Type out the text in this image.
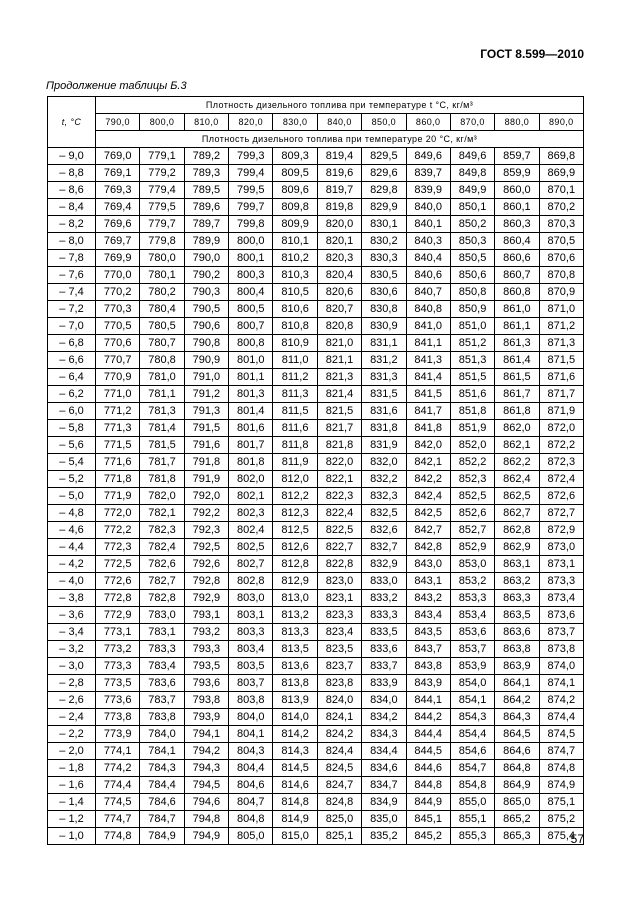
ГОСТ 8.599—2010
Продолжение таблицы Б.3
t, °C	Плотность дизельного топлива при температуре t °С, кг/м³										
	790,0	800,0	810,0	820,0	830,0	840,0	850,0	860,0	870,0	880,0	890,0
	Плотность дизельного топлива при температуре 20 °С, кг/м³										
– 9,0	769,0	779,1	789,2	799,3	809,3	819,4	829,5	849,6	849,6	859,7	869,8
– 8,8	769,1	779,2	789,3	799,4	809,5	819,6	829,6	839,7	849,8	859,9	869,9
– 8,6	769,3	779,4	789,5	799,5	809,6	819,7	829,8	839,9	849,9	860,0	870,1
– 8,4	769,4	779,5	789,6	799,7	809,8	819,8	829,9	840,0	850,1	860,1	870,2
– 8,2	769,6	779,7	789,7	799,8	809,9	820,0	830,1	840,1	850,2	860,3	870,3
– 8,0	769,7	779,8	789,9	800,0	810,1	820,1	830,2	840,3	850,3	860,4	870,5
– 7,8	769,9	780,0	790,0	800,1	810,2	820,3	830,3	840,4	850,5	860,6	870,6
– 7,6	770,0	780,1	790,2	800,3	810,3	820,4	830,5	840,6	850,6	860,7	870,8
– 7,4	770,2	780,2	790,3	800,4	810,5	820,6	830,6	840,7	850,8	860,8	870,9
– 7,2	770,3	780,4	790,5	800,5	810,6	820,7	830,8	840,8	850,9	861,0	871,0
– 7,0	770,5	780,5	790,6	800,7	810,8	820,8	830,9	841,0	851,0	861,1	871,2
– 6,8	770,6	780,7	790,8	800,8	810,9	821,0	831,1	841,1	851,2	861,3	871,3
– 6,6	770,7	780,8	790,9	801,0	811,0	821,1	831,2	841,3	851,3	861,4	871,5
– 6,4	770,9	781,0	791,0	801,1	811,2	821,3	831,3	841,4	851,5	861,5	871,6
– 6,2	771,0	781,1	791,2	801,3	811,3	821,4	831,5	841,5	851,6	861,7	871,7
– 6,0	771,2	781,3	791,3	801,4	811,5	821,5	831,6	841,7	851,8	861,8	871,9
– 5,8	771,3	781,4	791,5	801,6	811,6	821,7	831,8	841,8	851,9	862,0	872,0
– 5,6	771,5	781,5	791,6	801,7	811,8	821,8	831,9	842,0	852,0	862,1	872,2
– 5,4	771,6	781,7	791,8	801,8	811,9	822,0	832,0	842,1	852,2	862,2	872,3
– 5,2	771,8	781,8	791,9	802,0	812,0	822,1	832,2	842,2	852,3	862,4	872,4
– 5,0	771,9	782,0	792,0	802,1	812,2	822,3	832,3	842,4	852,5	862,5	872,6
– 4,8	772,0	782,1	792,2	802,3	812,3	822,4	832,5	842,5	852,6	862,7	872,7
– 4,6	772,2	782,3	792,3	802,4	812,5	822,5	832,6	842,7	852,7	862,8	872,9
– 4,4	772,3	782,4	792,5	802,5	812,6	822,7	832,7	842,8	852,9	862,9	873,0
– 4,2	772,5	782,6	792,6	802,7	812,8	822,8	832,9	843,0	853,0	863,1	873,1
– 4,0	772,6	782,7	792,8	802,8	812,9	823,0	833,0	843,1	853,2	863,2	873,3
– 3,8	772,8	782,8	792,9	803,0	813,0	823,1	833,2	843,2	853,3	863,3	873,4
– 3,6	772,9	783,0	793,1	803,1	813,2	823,3	833,3	843,4	853,4	863,5	873,6
– 3,4	773,1	783,1	793,2	803,3	813,3	823,4	833,5	843,5	853,6	863,6	873,7
– 3,2	773,2	783,3	793,3	803,4	813,5	823,5	833,6	843,7	853,7	863,8	873,8
– 3,0	773,3	783,4	793,5	803,5	813,6	823,7	833,7	843,8	853,9	863,9	874,0
– 2,8	773,5	783,6	793,6	803,7	813,8	823,8	833,9	843,9	854,0	864,1	874,1
– 2,6	773,6	783,7	793,8	803,8	813,9	824,0	834,0	844,1	854,1	864,2	874,2
– 2,4	773,8	783,8	793,9	804,0	814,0	824,1	834,2	844,2	854,3	864,3	874,4
– 2,2	773,9	784,0	794,1	804,1	814,2	824,2	834,3	844,4	854,4	864,5	874,5
– 2,0	774,1	784,1	794,2	804,3	814,3	824,4	834,4	844,5	854,6	864,6	874,7
– 1,8	774,2	784,3	794,3	804,4	814,5	824,5	834,6	844,6	854,7	864,8	874,8
– 1,6	774,4	784,4	794,5	804,6	814,6	824,7	834,7	844,8	854,8	864,9	874,9
– 1,4	774,5	784,6	794,6	804,7	814,8	824,8	834,9	844,9	855,0	865,0	875,1
– 1,2	774,7	784,7	794,8	804,8	814,9	825,0	835,0	845,1	855,1	865,2	875,2
– 1,0	774,8	784,9	794,9	805,0	815,0	825,1	835,2	845,2	855,3	865,3	875,4
57
